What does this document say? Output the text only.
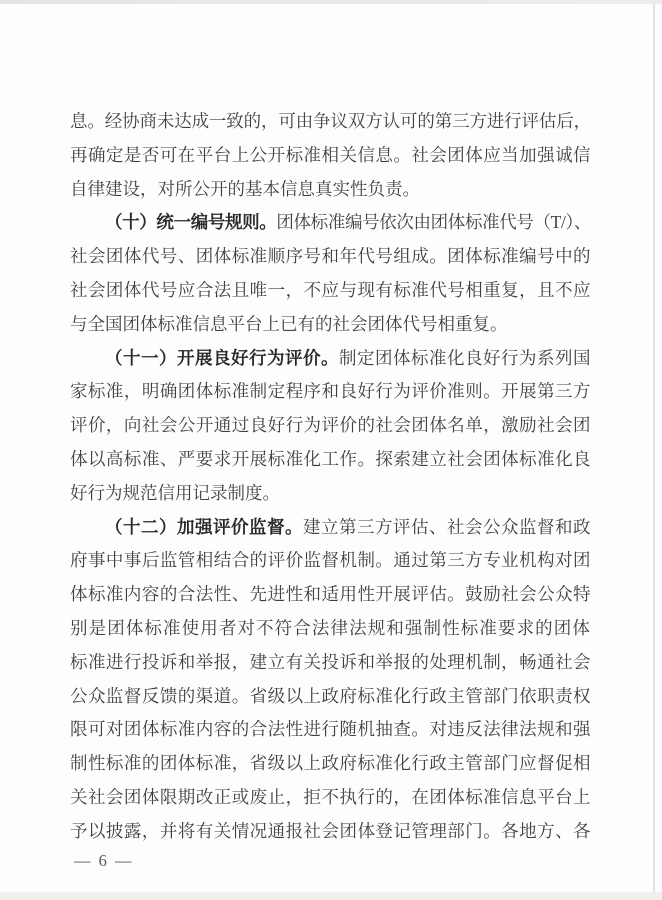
息。经协商未达成一致的，可由争议双方认可的第三方进行评估后，
再确定是否可在平台上公开标准相关信息。社会团体应当加强诚信
自律建设，对所公开的基本信息真实性负责。
（十）统一编号规则。团体标准编号依次由团体标准代号（T/）、
社会团体代号、团体标准顺序号和年代号组成。团体标准编号中的
社会团体代号应合法且唯一，不应与现有标准代号相重复，且不应
与全国团体标准信息平台上已有的社会团体代号相重复。
（十一）开展良好行为评价。制定团体标准化良好行为系列国
家标准，明确团体标准制定程序和良好行为评价准则。开展第三方
评价，向社会公开通过良好行为评价的社会团体名单，激励社会团
体以高标准、严要求开展标准化工作。探索建立社会团体标准化良
好行为规范信用记录制度。
（十二）加强评价监督。建立第三方评估、社会公众监督和政
府事中事后监管相结合的评价监督机制。通过第三方专业机构对团
体标准内容的合法性、先进性和适用性开展评估。鼓励社会公众特
别是团体标准使用者对不符合法律法规和强制性标准要求的团体
标准进行投诉和举报，建立有关投诉和举报的处理机制，畅通社会
公众监督反馈的渠道。省级以上政府标准化行政主管部门依职责权
限可对团体标准内容的合法性进行随机抽查。对违反法律法规和强
制性标准的团体标准，省级以上政府标准化行政主管部门应督促相
关社会团体限期改正或废止，拒不执行的，在团体标准信息平台上
予以披露，并将有关情况通报社会团体登记管理部门。各地方、各
— 6 —
